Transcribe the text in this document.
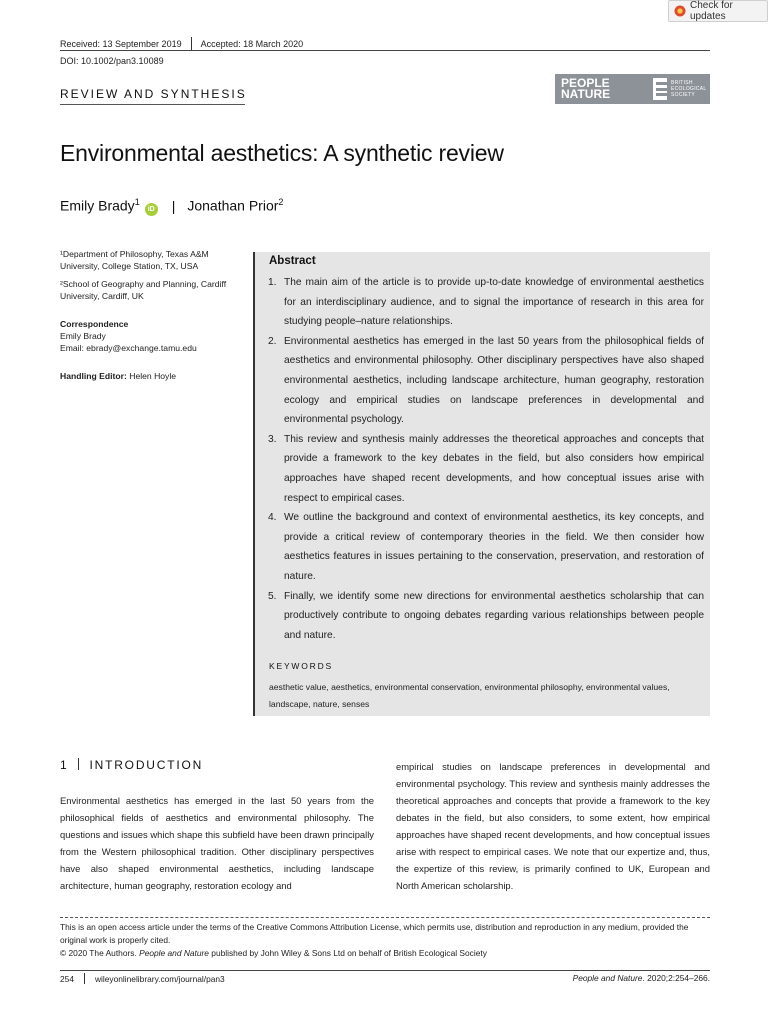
Check for updates
Received: 13 September 2019 Accepted: 18 March 2020
DOI: 10.1002/pan3.10089
REVIEW AND SYNTHESIS
PEOPLE
NATURE
BRITISH
ECOLOGICAL
SOCIETY
Environmental aesthetics: A synthetic review
Emily Brady$^1$
iD | Jonathan Prior$^2$

¹Department of Philosophy, Texas A&M University, College Station, TX, USA

²School of Geography and Planning, Cardiff University, Cardiff, UK

Correspondence

Emily Brady

Email: ebrady@exchange.tamu.edu

Handling Editor: Helen Hoyle

Abstract
1. The main aim of the article is to provide up-to-date knowledge of environmental aesthetics for an interdisciplinary audience, and to signal the importance of research in this area for studying people–nature relationships.
2. Environmental aesthetics has emerged in the last 50 years from the philosophical fields of aesthetics and environmental philosophy. Other disciplinary perspectives have also shaped environmental aesthetics, including landscape architecture, human geography, restoration ecology and empirical studies on landscape preferences in developmental and environmental psychology.
3. This review and synthesis mainly addresses the theoretical approaches and concepts that provide a framework to the key debates in the field, but also considers how empirical approaches have shaped recent developments, and how conceptual issues arise with respect to empirical cases.
4. We outline the background and context of environmental aesthetics, its key concepts, and provide a critical review of contemporary theories in the field. We then consider how aesthetics features in issues pertaining to the conservation, preservation, and restoration of nature.
5. Finally, we identify some new directions for environmental aesthetics scholarship that can productively contribute to ongoing debates regarding various relationships between people and nature.
KEYWORDS
aesthetic value, aesthetics, environmental conservation, environmental philosophy, environmental values, landscape, nature, senses
1 INTRODUCTION

Environmental aesthetics has emerged in the last 50 years from the philosophical fields of aesthetics and environmental philosophy. The questions and issues which shape this subfield have been drawn principally from the Western philosophical tradition. Other disciplinary perspectives have also shaped environmental aesthetics, including landscape architecture, human geography, restoration ecology and

empirical studies on landscape preferences in developmental and environmental psychology. This review and synthesis mainly addresses the theoretical approaches and concepts that provide a framework to the key debates in the field, but also considers, to some extent, how empirical approaches have shaped recent developments, and how conceptual issues arise with respect to empirical cases. We note that our expertize and, thus, the expertize of this review, is primarily confined to UK, European and North American scholarship.

This is an open access article under the terms of the Creative Commons Attribution License, which permits use, distribution and reproduction in any medium, provided the original work is properly cited.

© 2020 The Authors. People and Nature published by John Wiley & Sons Ltd on behalf of British Ecological Society

254	wileyonlinelibrary.com/journal/pan3	People and Nature. 2020;2:254–266.
